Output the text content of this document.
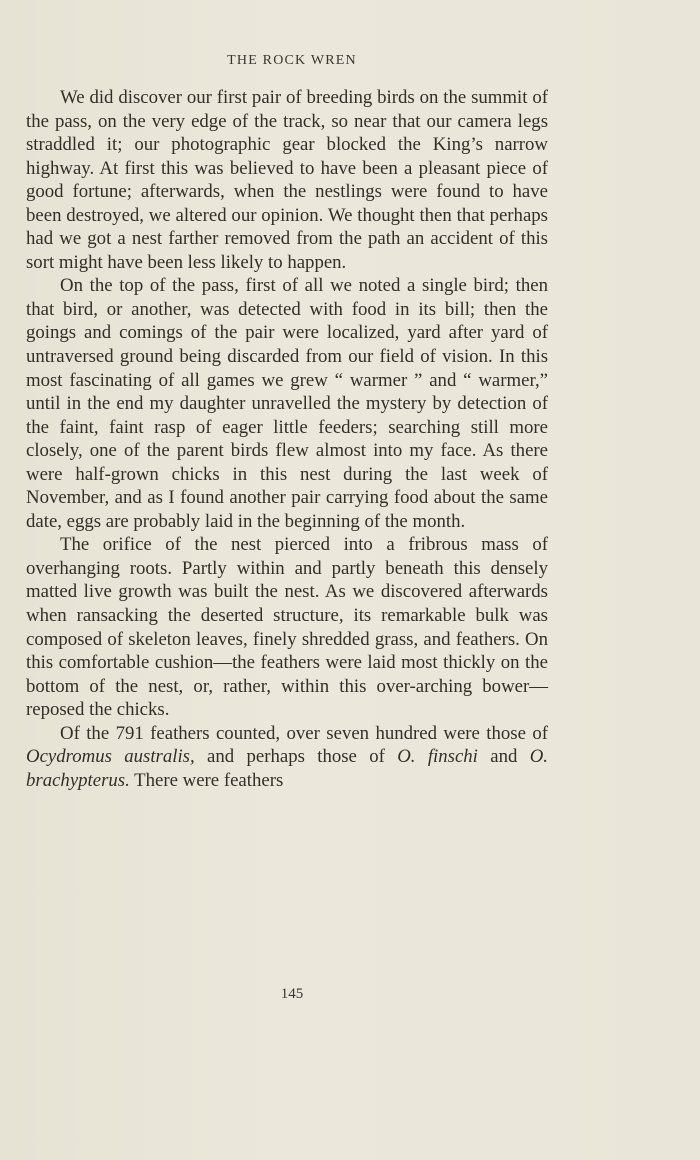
THE ROCK WREN

We did discover our first pair of breeding birds on the summit of the pass, on the very edge of the track, so near that our camera legs straddled it; our photographic gear blocked the King’s narrow highway. At first this was believed to have been a pleasant piece of good fortune; afterwards, when the nestlings were found to have been destroyed, we altered our opinion. We thought then that perhaps had we got a nest farther removed from the path an accident of this sort might have been less likely to happen.

On the top of the pass, first of all we noted a single bird; then that bird, or another, was detected with food in its bill; then the goings and comings of the pair were localized, yard after yard of untraversed ground being discarded from our field of vision. In this most fascinating of all games we grew “ warmer ” and “ warmer,” until in the end my daughter unravelled the mystery by detection of the faint, faint rasp of eager little feeders; searching still more closely, one of the parent birds flew almost into my face. As there were half-grown chicks in this nest during the last week of November, and as I found another pair carrying food about the same date, eggs are probably laid in the beginning of the month.

The orifice of the nest pierced into a fribrous mass of overhanging roots. Partly within and partly beneath this densely matted live growth was built the nest. As we discovered afterwards when ransacking the deserted structure, its remarkable bulk was composed of skeleton leaves, finely shredded grass, and feathers. On this comfortable cushion—the feathers were laid most thickly on the bottom of the nest, or, rather, within this over-arching bower—reposed the chicks.

Of the 791 feathers counted, over seven hundred were those of Ocydromus australis, and perhaps those of O. finschi and O. brachypterus. There were feathers

145
